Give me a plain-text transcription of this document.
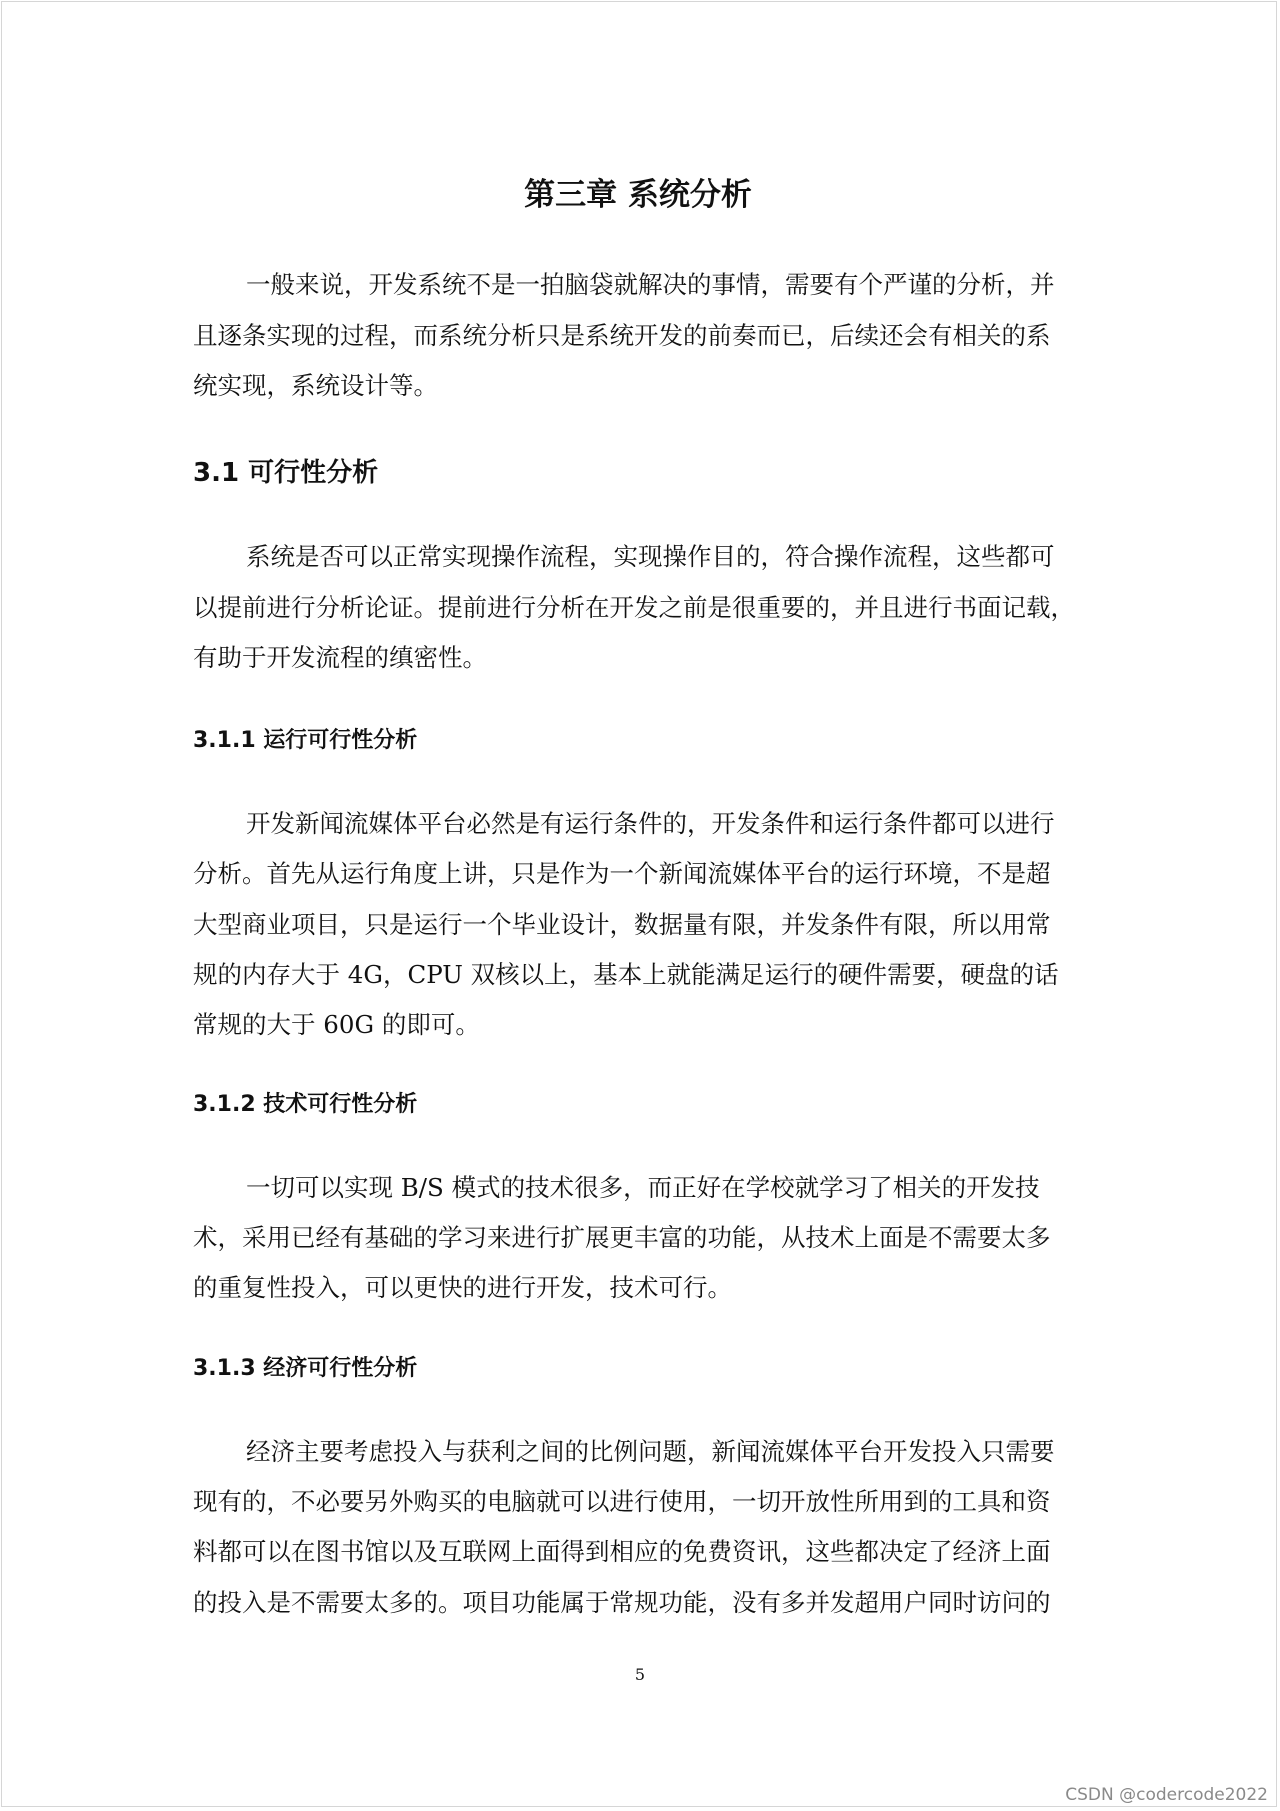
第三章 系统分析
一般来说，开发系统不是一拍脑袋就解决的事情，需要有个严谨的分析，并
且逐条实现的过程，而系统分析只是系统开发的前奏而已，后续还会有相关的系
统实现，系统设计等。
3.1 可行性分析
系统是否可以正常实现操作流程，实现操作目的，符合操作流程，这些都可
以提前进行分析论证。提前进行分析在开发之前是很重要的，并且进行书面记载，
有助于开发流程的缜密性。
3.1.1 运行可行性分析
开发新闻流媒体平台必然是有运行条件的，开发条件和运行条件都可以进行
分析。首先从运行角度上讲，只是作为一个新闻流媒体平台的运行环境，不是超
大型商业项目，只是运行一个毕业设计，数据量有限，并发条件有限，所以用常
规的内存大于 4G，CPU 双核以上，基本上就能满足运行的硬件需要，硬盘的话
常规的大于 60G 的即可。
3.1.2 技术可行性分析
一切可以实现 B/S 模式的技术很多，而正好在学校就学习了相关的开发技
术，采用已经有基础的学习来进行扩展更丰富的功能，从技术上面是不需要太多
的重复性投入，可以更快的进行开发，技术可行。
3.1.3 经济可行性分析
经济主要考虑投入与获利之间的比例问题，新闻流媒体平台开发投入只需要
现有的，不必要另外购买的电脑就可以进行使用，一切开放性所用到的工具和资
料都可以在图书馆以及互联网上面得到相应的免费资讯，这些都决定了经济上面
的投入是不需要太多的。项目功能属于常规功能，没有多并发超用户同时访问的
5
CSDN @codercode2022
